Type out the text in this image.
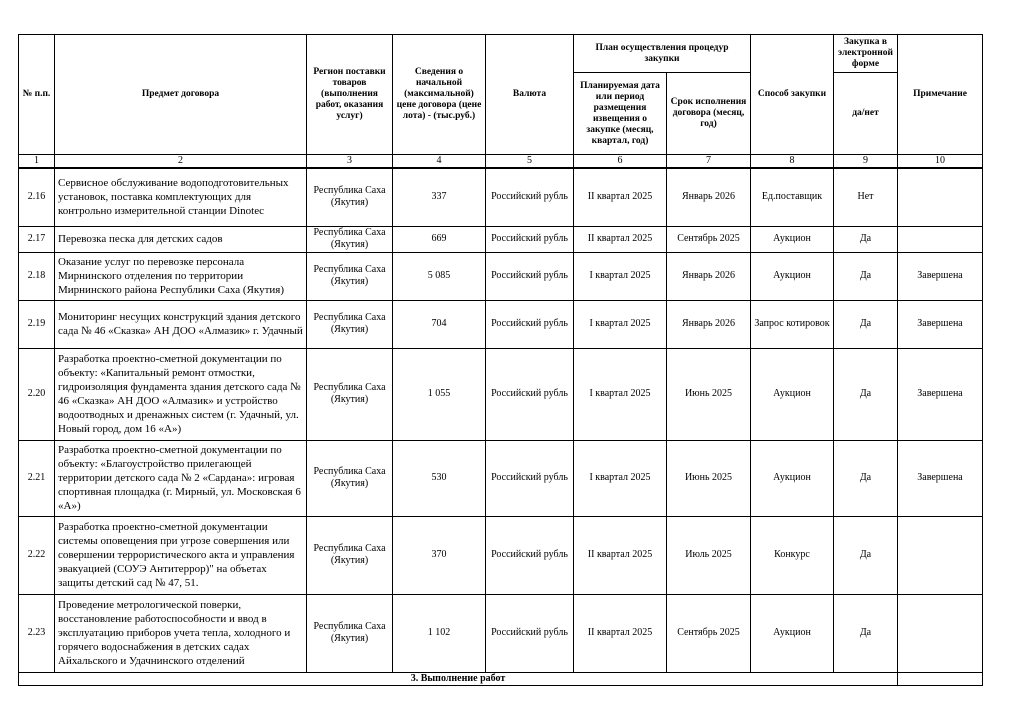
№ п.п.	Предмет договора	Регион поставки товаров (выполнения работ, оказания услуг)	Сведения о начальной (максимальной) цене договора (цене лота) - (тыс.руб.)	Валюта	План осуществления процедур закупки		Способ закупки	Закупка в электронной форме	Примечание
					Планируемая дата или период размещения извещения о закупке (месяц, квартал, год)	Срок исполнения договора (месяц, год)		да/нет	
1	2	3	4	5	6	7	8	9	10
2.16	Сервисное обслуживание водоподготовительных установок, поставка комплектующих для контрольно измерительной станции Dinotec	Республика Саха (Якутия)	337	Российский рубль	II квартал 2025	Январь 2026	Ед.поставщик	Нет	
2.17	Перевозка песка для детских садов	Республика Саха (Якутия)	669	Российский рубль	II квартал 2025	Сентябрь 2025	Аукцион	Да	
2.18	Оказание услуг по перевозке персонала Мирнинского отделения по территории Мирнинского района Республики Саха (Якутия)	Республика Саха (Якутия)	5 085	Российский рубль	I квартал 2025	Январь 2026	Аукцион	Да	Завершена
2.19	Мониторинг несущих конструкций здания детского сада № 46 «Сказка» АН ДОО «Алмазик» г. Удачный	Республика Саха (Якутия)	704	Российский рубль	I квартал 2025	Январь 2026	Запрос котировок	Да	Завершена
2.20	Разработка проектно-сметной документации по объекту: «Капитальный ремонт отмостки, гидроизоляция фундамента здания детского сада № 46 «Сказка» АН ДОО «Алмазик» и устройство водоотводных и дренажных систем (г. Удачный, ул. Новый город, дом 16 «А»)	Республика Саха (Якутия)	1 055	Российский рубль	I квартал 2025	Июнь 2025	Аукцион	Да	Завершена
2.21	Разработка проектно-сметной документации по объекту: «Благоустройство прилегающей территории детского сада № 2 «Сардана»: игровая спортивная площадка (г. Мирный, ул. Московская 6 «А»)	Республика Саха (Якутия)	530	Российский рубль	I квартал 2025	Июнь 2025	Аукцион	Да	Завершена
2.22	Разработка проектно-сметной документации системы оповещения при угрозе совершения или совершении террористического акта и управления эвакуацией (СОУЭ Антитеррор)" на объетах защиты детский сад № 47, 51.	Республика Саха (Якутия)	370	Российский рубль	II квартал 2025	Июль 2025	Конкурс	Да	
2.23	Проведение метрологической поверки, восстановление работоспособности и ввод в эксплуатацию приборов учета тепла, холодного и горячего водоснабжения в детских садах Айхальского и Удачнинского отделений	Республика Саха (Якутия)	1 102	Российский рубль	II квартал 2025	Сентябрь 2025	Аукцион	Да	
3. Выполнение работ									
